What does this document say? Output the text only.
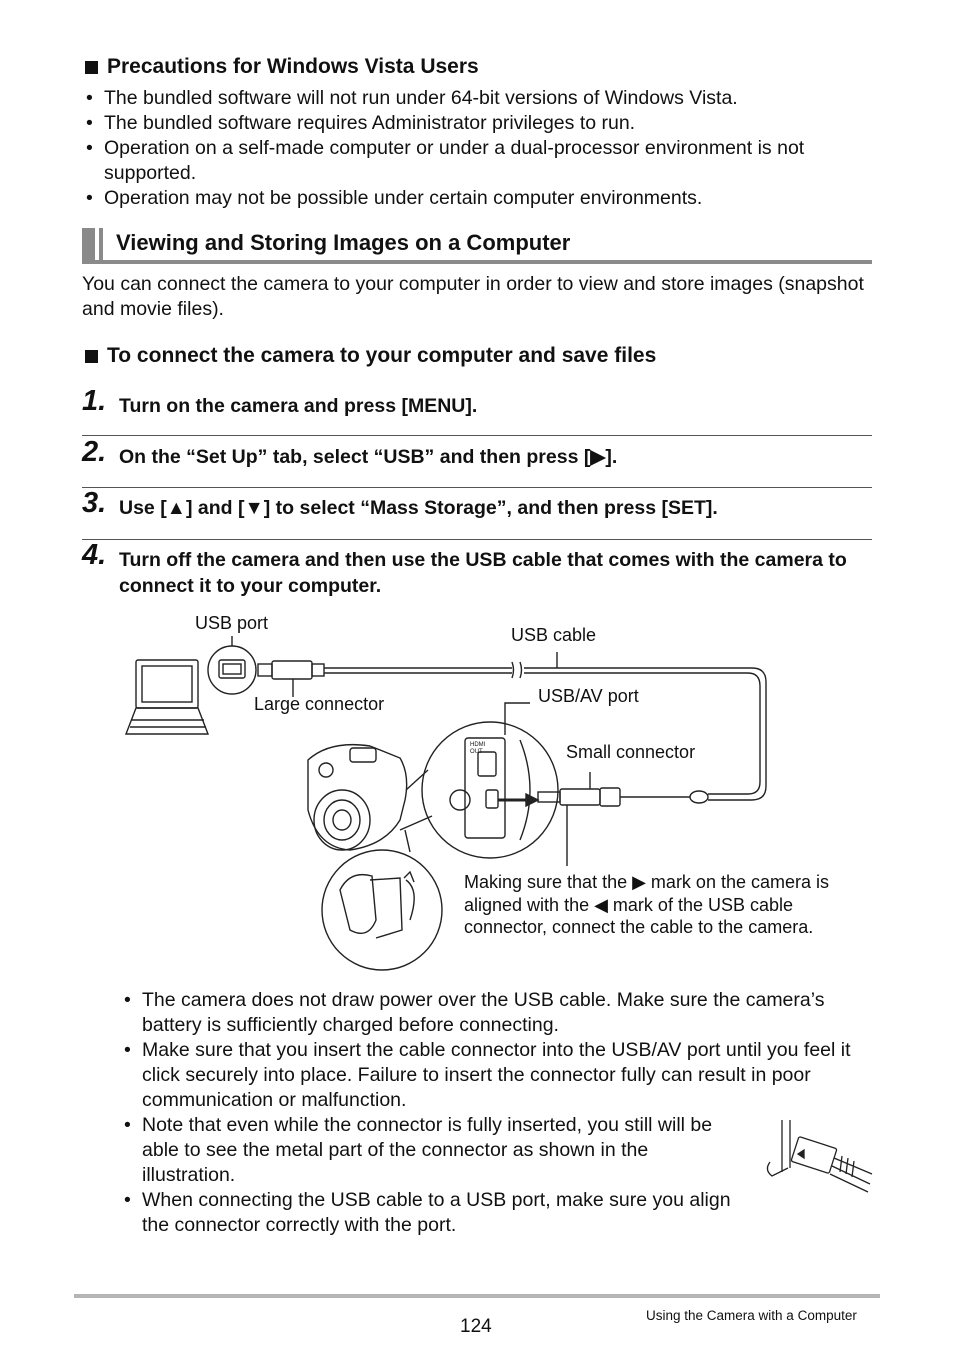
Precautions for Windows Vista Users
• The bundled software will not run under 64-bit versions of Windows Vista.
• The bundled software requires Administrator privileges to run.
• Operation on a self-made computer or under a dual-processor environment is not supported.
• Operation may not be possible under certain computer environments.
Viewing and Storing Images on a Computer
You can connect the camera to your computer in order to view and store images (snapshot and movie files).
To connect the camera to your computer and save files
1. Turn on the camera and press [MENU].
2. On the “Set Up” tab, select “USB” and then press [▶].
3. Use [▲] and [▼] to select “Mass Storage”, and then press [SET].
4. Turn off the camera and then use the USB cable that comes with the camera to connect it to your computer.
USB port
USB cable
Large connector	USB/AV port
Small connector
HDMI OUT
Making sure that the ▶ mark on the camera is aligned with the ◀ mark of the USB cable connector, connect the cable to the camera.
• The camera does not draw power over the USB cable. Make sure the camera’s battery is sufficiently charged before connecting.
• Make sure that you insert the cable connector into the USB/AV port until you feel it click securely into place. Failure to insert the connector fully can result in poor communication or malfunction.
• Note that even while the connector is fully inserted, you still will be able to see the metal part of the connector as shown in the illustration.
• When connecting the USB cable to a USB port, make sure you align the connector correctly with the port.
124
Using the Camera with a Computer
